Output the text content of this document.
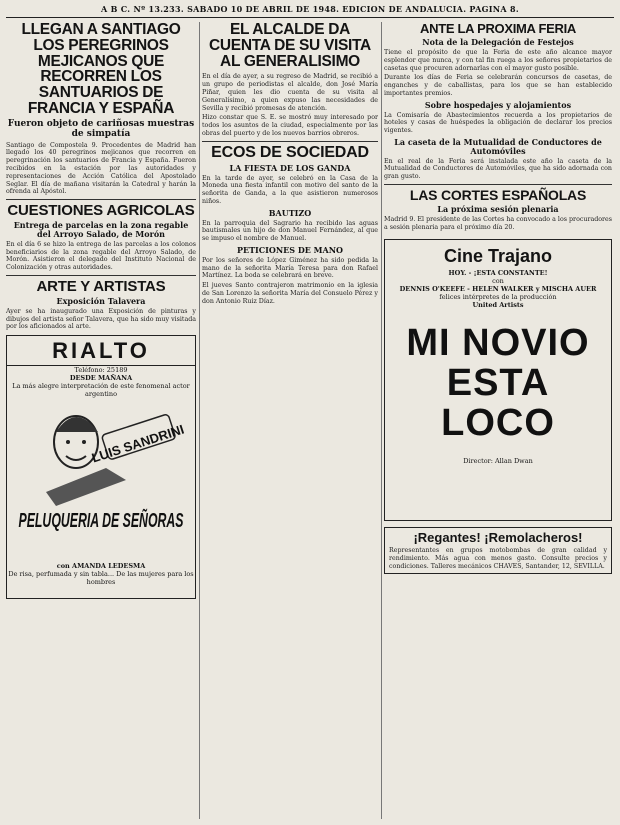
A B C. Nº 13.233. SABADO 10 DE ABRIL DE 1948. EDICION DE ANDALUCIA. PAGINA 8.
LLEGAN A SANTIAGO LOS PEREGRINOS MEJICANOS QUE RECORREN LOS SANTUARIOS DE FRANCIA Y ESPAÑA
Fueron objeto de cariñosas muestras de simpatía

Santiago de Compostela 9. Procedentes de Madrid han llegado los 40 peregrinos mejicanos que recorren en peregrinación los santuarios de Francia y España. Fueron recibidos en la estación por las autoridades y representaciones de Acción Católica del Apostolado Seglar. El día de mañana visitarán la Catedral y harán la ofrenda al Apóstol.

CUESTIONES AGRICOLAS
Entrega de parcelas en la zona regable del Arroyo Salado, de Morón

En el día 6 se hizo la entrega de las parcelas a los colonos beneficiarios de la zona regable del Arroyo Salado, de Morón. Asistieron el delegado del Instituto Nacional de Colonización y otras autoridades.

ARTE Y ARTISTAS
Exposición Talavera

Ayer se ha inaugurado una Exposición de pinturas y dibujos del artista señor Talavera, que ha sido muy visitada por los aficionados al arte.

RIALTO
Teléfono: 25189
DESDE MAÑANA
La más alegre interpretación de este fenomenal actor argentino
LUIS SANDRINI
PELUQUERIA DE SEÑORAS
con AMANDA LEDESMA
De risa, perfumada y sin tabla... De las mujeres para los hombres
EL ALCALDE DA CUENTA DE SU VISITA AL GENERALISIMO

En el día de ayer, a su regreso de Madrid, se recibió a un grupo de periodistas el alcalde, don José María Piñar, quien les dio cuenta de su visita al Generalísimo, a quien expuso las necesidades de Sevilla y recibió promesas de atención.

Hizo constar que S. E. se mostró muy interesado por todos los asuntos de la ciudad, especialmente por las obras del puerto y de los nuevos barrios obreros.

ECOS DE SOCIEDAD
LA FIESTA DE LOS GANDA

En la tarde de ayer, se celebró en la Casa de la Moneda una fiesta infantil con motivo del santo de la señorita de Ganda, a la que asistieron numerosos niños.

BAUTIZO

En la parroquia del Sagrario ha recibido las aguas bautismales un hijo de don Manuel Fernández, al que se impuso el nombre de Manuel.

PETICIONES DE MANO

Por los señores de López Giménez ha sido pedida la mano de la señorita María Teresa para don Rafael Martínez. La boda se celebrará en breve.

El jueves Santo contrajeron matrimonio en la iglesia de San Lorenzo la señorita María del Consuelo Pérez y don Antonio Ruiz Díaz.

ANTE LA PROXIMA FERIA
Nota de la Delegación de Festejos

Tiene el propósito de que la Feria de este año alcance mayor esplendor que nunca, y con tal fin ruega a los señores propietarios de casetas que procuren adornarlas con el mayor gusto posible.

Durante los días de Feria se celebrarán concursos de casetas, de enganches y de caballistas, para los que se han establecido importantes premios.

Sobre hospedajes y alojamientos

La Comisaría de Abastecimientos recuerda a los propietarios de hoteles y casas de huéspedes la obligación de declarar los precios vigentes.

La caseta de la Mutualidad de Conductores de Automóviles

En el real de la Feria será instalada este año la caseta de la Mutualidad de Conductores de Automóviles, que ha sido adornada con gran gusto.

LAS CORTES ESPAÑOLAS
La próxima sesión plenaria

Madrid 9. El presidente de las Cortes ha convocado a los procuradores a sesión plenaria para el próximo día 20.

Cine Trajano
HOY. - ¡ESTA CONSTANTE!
con
DENNIS O'KEEFE - HELEN WALKER y MISCHA AUER
felices intérpretes de la producción
United Artists
MI NOVIO
ESTA LOCO
Director: Allan Dwan
¡Regantes! ¡Remolacheros!

Representantes en grupos motobombas de gran calidad y rendimiento. Más agua con menos gasto. Consulte precios y condiciones. Talleres mecánicos CHAVES, Santander, 12, SEVILLA.
